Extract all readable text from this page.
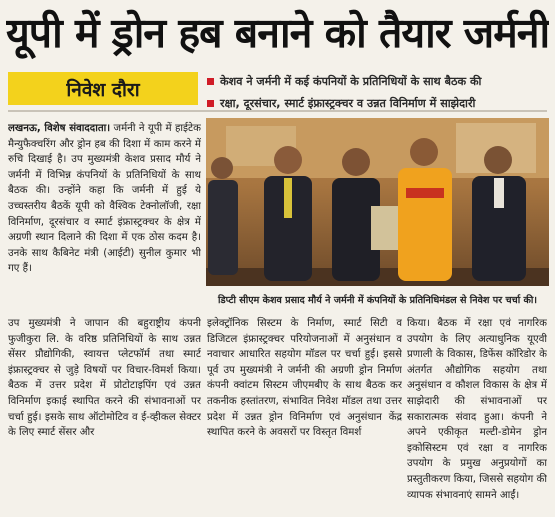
यूपी में ड्रोन हब बनाने को तैयार जर्मनी
निवेश दौरा	केशव ने जर्मनी में कई कंपनियों के प्रतिनिधियों के साथ बैठक की
रक्षा, दूरसंचार, स्मार्ट इंफ्रास्ट्रक्चर व उन्नत विनिर्माण में साझेदारी

लखनऊ, विशेष संवाददाता। जर्मनी ने यूपी में हाईटेक मैन्युफैक्चरिंग और ड्रोन हब की दिशा में काम करने में रुचि दिखाई है। उप मुख्यमंत्री केशव प्रसाद मौर्य ने जर्मनी में विभिन्न कंपनियों के प्रतिनिधियों के साथ बैठक की। उन्होंने कहा कि जर्मनी में हुई ये उच्चस्तरीय बैठकें यूपी को वैश्विक टेक्नोलॉजी, रक्षा विनिर्माण, दूरसंचार व स्मार्ट इंफ्रास्ट्रक्चर के क्षेत्र में अग्रणी स्थान दिलाने की दिशा में एक ठोस कदम है। उनके साथ कैबिनेट मंत्री (आईटी) सुनील कुमार भी गए हैं।

डिप्टी सीएम केशव प्रसाद मौर्य ने जर्मनी में कंपनियों के प्रतिनिधिमंडल से निवेश पर चर्चा की।

उप मुख्यमंत्री ने जापान की बहुराष्ट्रीय कंपनी फुजीकुरा लि. के वरिष्ठ प्रतिनिधियों के साथ उन्नत सेंसर प्रौद्योगिकी, स्वायत्त प्लेटफॉर्म तथा स्मार्ट इंफ्रास्ट्रक्चर से जुड़े विषयों पर विचार-विमर्श किया। बैठक में उत्तर प्रदेश में प्रोटोटाइपिंग एवं उन्नत विनिर्माण इकाई स्थापित करने की संभावनाओं पर चर्चा हुई। इसके साथ ऑटोमोटिव व ई-व्हीकल सेक्टर के लिए स्मार्ट सेंसर और

इलेक्ट्रॉनिक सिस्टम के निर्माण, स्मार्ट सिटी व डिजिटल इंफ्रास्ट्रक्चर परियोजनाओं में अनुसंधान व नवाचार आधारित सहयोग मॉडल पर चर्चा हुई। इससे पूर्व उप मुख्यमंत्री ने जर्मनी की अग्रणी ड्रोन निर्माण कंपनी क्वांटम सिस्टम जीएमबीए के साथ बैठक कर तकनीक हस्तांतरण, संभावित निवेश मॉडल तथा उत्तर प्रदेश में उन्नत ड्रोन विनिर्माण एवं अनुसंधान केंद्र स्थापित करने के अवसरों पर विस्तृत विमर्श

किया। बैठक में रक्षा एवं नागरिक उपयोग के लिए अत्याधुनिक यूएवी प्रणाली के विकास, डिफेंस कॉरिडोर के अंतर्गत औद्योगिक सहयोग तथा अनुसंधान व कौशल विकास के क्षेत्र में साझेदारी की संभावनाओं पर सकारात्मक संवाद हुआ। कंपनी ने अपने एकीकृत मल्टी-डोमेन ड्रोन इकोसिस्टम एवं रक्षा व नागरिक उपयोग के प्रमुख अनुप्रयोगों का प्रस्तुतीकरण किया, जिससे सहयोग की व्यापक संभावनाएं सामने आईं।
